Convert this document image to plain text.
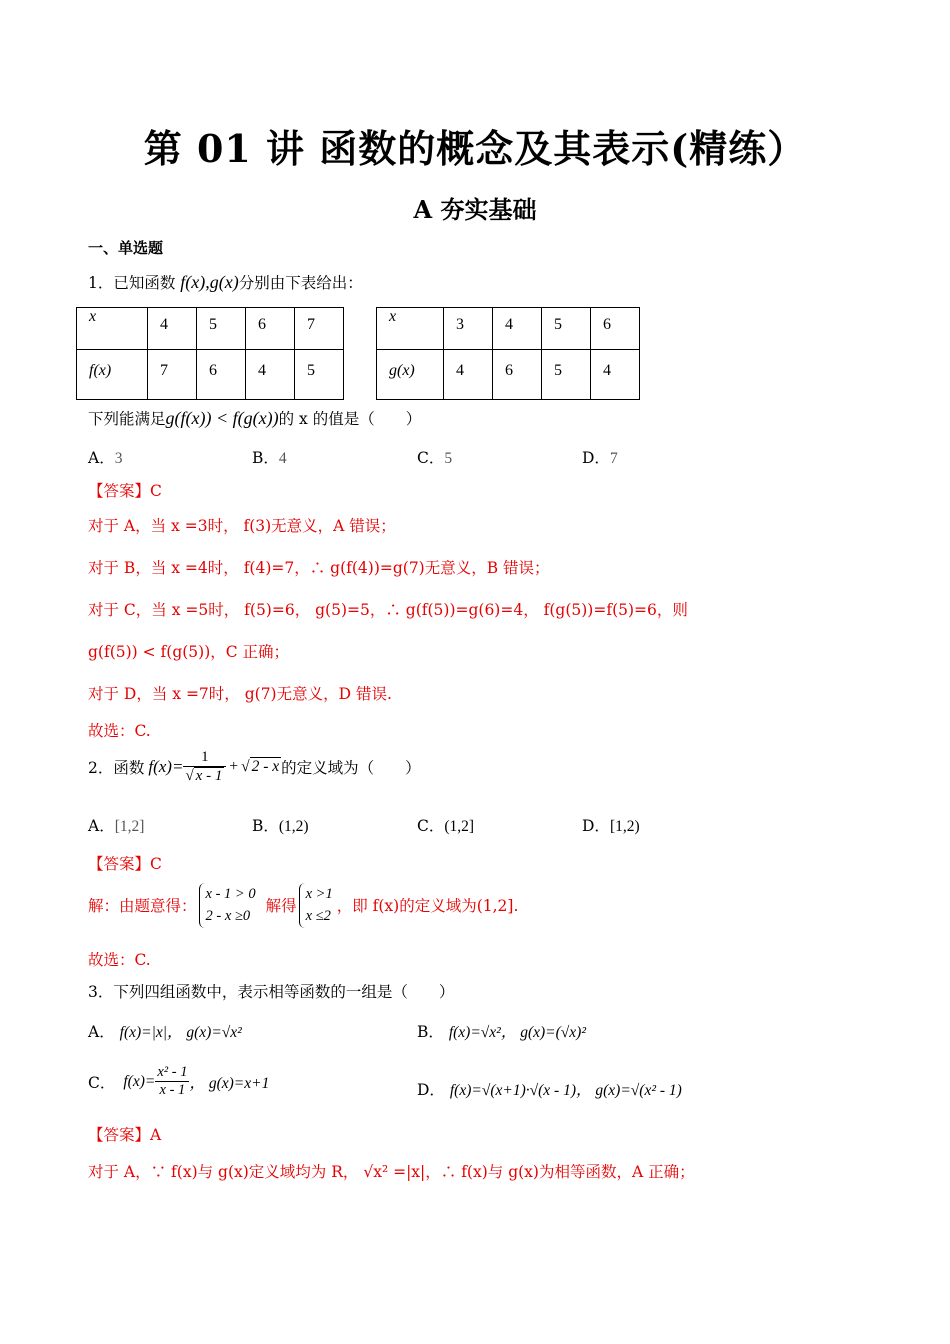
第 01 讲 函数的概念及其表示(精练）
A 夯实基础
一、单选题
1．已知函数 f(x),g(x)分别由下表给出：
x	4	5	6	7
f(x)	7	6	4	5
x	3	4	5	6
g(x)	4	6	5	4
下列能满足g(f(x)) < f(g(x))的 x 的值是（　　）
A．3	B．4	C．5	D．7
【答案】C
对于 A，当 x =3时， f(3)无意义，A 错误；
对于 B，当 x =4时， f(4)=7，∴ g(f(4))=g(7)无意义，B 错误；
对于 C，当 x =5时， f(5)=6， g(5)=5，∴ g(f(5))=g(6)=4， f(g(5))=f(5)=6，则
g(f(5)) < f(g(5))，C 正确；
对于 D，当 x =7时， g(7)无意义，D 错误.
故选：C.
2．函数 $f(x)= \frac{1}{√ x - 1}$ + √ 2 - x 的定义域为（　　）
A．[1,2]	B．(1,2)	C．(1,2]	D．[1,2)
【答案】C
解：由题意得：
x - 1 > 0
2 - x ≥0
解得
x >1
x ≤2
，即 f(x)的定义域为(1,2].
故选：C.
3．下列四组函数中，表示相等函数的一组是（　　）
A． f(x)=|x|， g(x)=√x²	B． f(x)=√x²， g(x)=(√x)²
C． $f(x)= \frac{\text{x² - 1}}{x - 1}$ ， g(x)=x+1	D． f(x)=√(x+1)·√(x - 1)， g(x)=√(x² - 1)
【答案】A
对于 A，∵ f(x)与 g(x)定义域均为 R， √x² =|x|，∴ f(x)与 g(x)为相等函数，A 正确；
